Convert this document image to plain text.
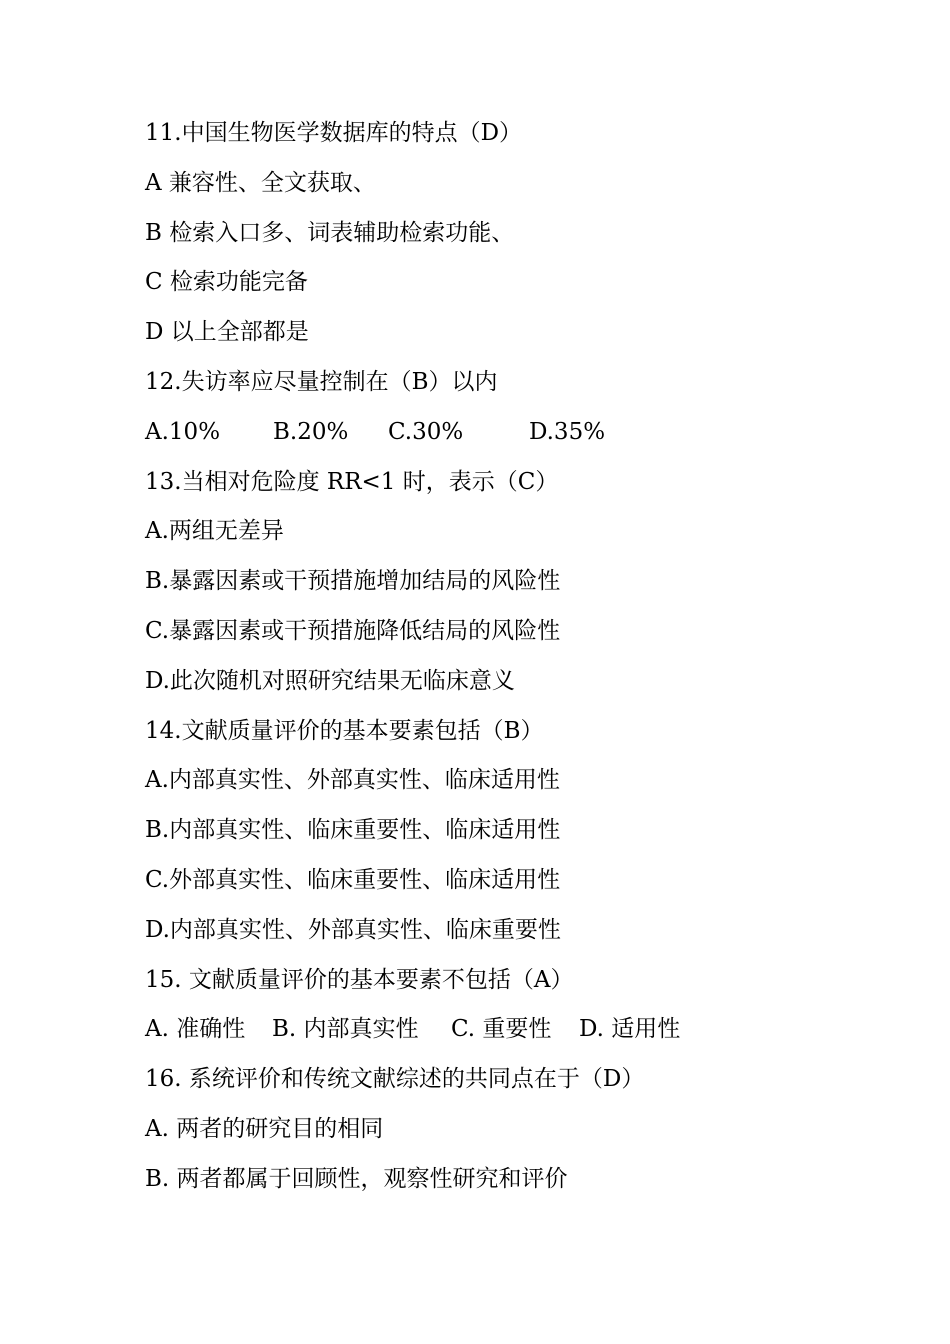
11.中国生物医学数据库的特点（D）
A 兼容性、全文获取、
B 检索入口多、词表辅助检索功能、
C 检索功能完备
D 以上全部都是
12.失访率应尽量控制在（B）以内
A.10%	B.20%	C.30%	D.35%
13.当相对危险度 RR<1 时，表示（C）
A.两组无差异
B.暴露因素或干预措施增加结局的风险性
C.暴露因素或干预措施降低结局的风险性
D.此次随机对照研究结果无临床意义
14.文献质量评价的基本要素包括（B）
A.内部真实性、外部真实性、临床适用性
B.内部真实性、临床重要性、临床适用性
C.外部真实性、临床重要性、临床适用性
D.内部真实性、外部真实性、临床重要性
15. 文献质量评价的基本要素不包括（A）
A. 准确性	B. 内部真实性	C. 重要性	D. 适用性
16. 系统评价和传统文献综述的共同点在于（D）
A. 两者的研究目的相同
B. 两者都属于回顾性，观察性研究和评价
